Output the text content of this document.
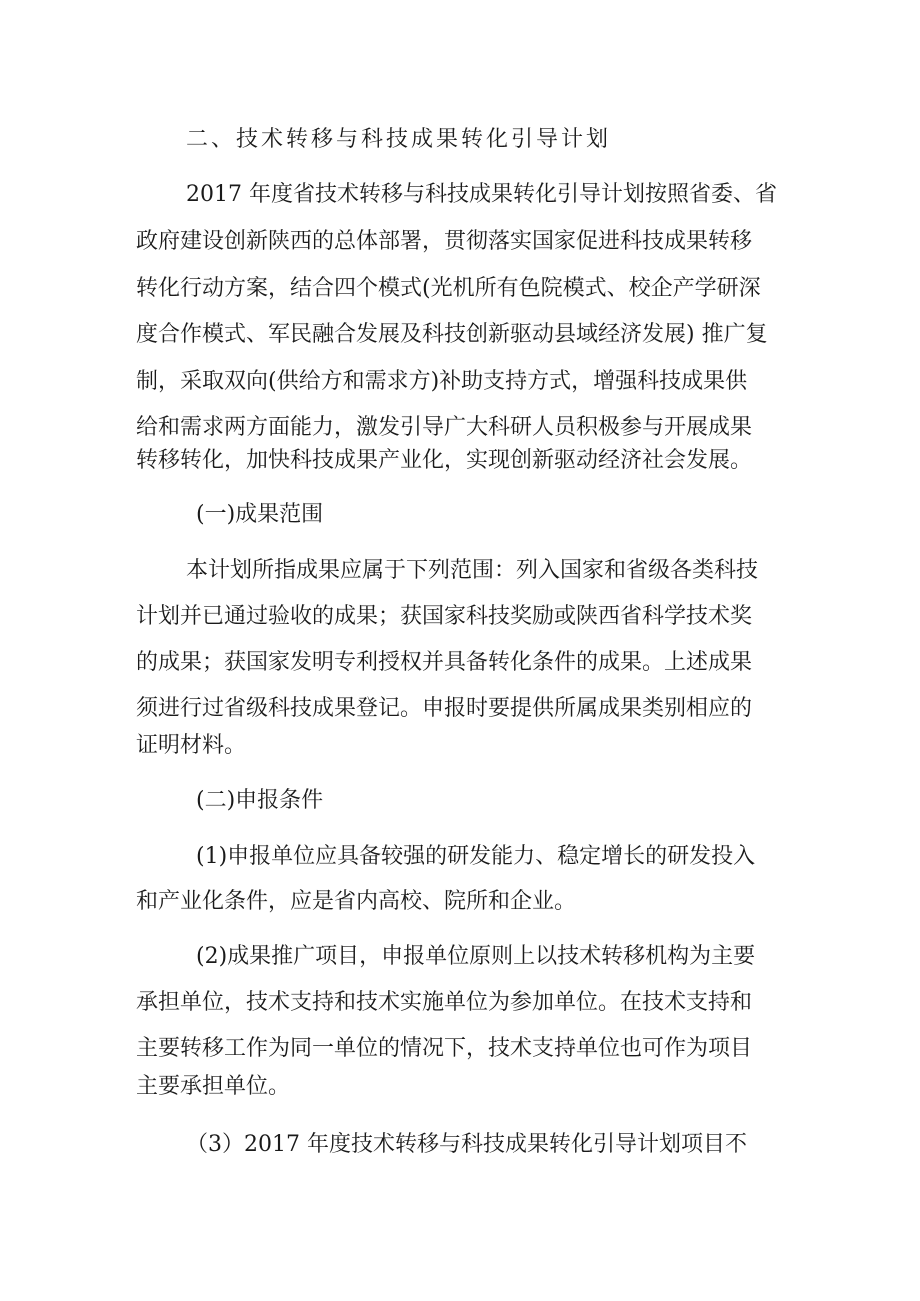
二、技术转移与科技成果转化引导计划
2017 年度省技术转移与科技成果转化引导计划按照省委、省
政府建设创新陕西的总体部署，贯彻落实国家促进科技成果转移
转化行动方案，结合四个模式(光机所有色院模式、校企产学研深
度合作模式、军民融合发展及科技创新驱动县域经济发展) 推广复
制，采取双向(供给方和需求方)补助支持方式，增强科技成果供
给和需求两方面能力，激发引导广大科研人员积极参与开展成果
转移转化，加快科技成果产业化，实现创新驱动经济社会发展。
(一)成果范围
本计划所指成果应属于下列范围：列入国家和省级各类科技
计划并已通过验收的成果；获国家科技奖励或陕西省科学技术奖
的成果；获国家发明专利授权并具备转化条件的成果。上述成果
须进行过省级科技成果登记。申报时要提供所属成果类别相应的
证明材料。
(二)申报条件
(1)申报单位应具备较强的研发能力、稳定增长的研发投入
和产业化条件，应是省内高校、院所和企业。
(2)成果推广项目，申报单位原则上以技术转移机构为主要
承担单位，技术支持和技术实施单位为参加单位。在技术支持和
主要转移工作为同一单位的情况下，技术支持单位也可作为项目
主要承担单位。
（3）2017 年度技术转移与科技成果转化引导计划项目不
